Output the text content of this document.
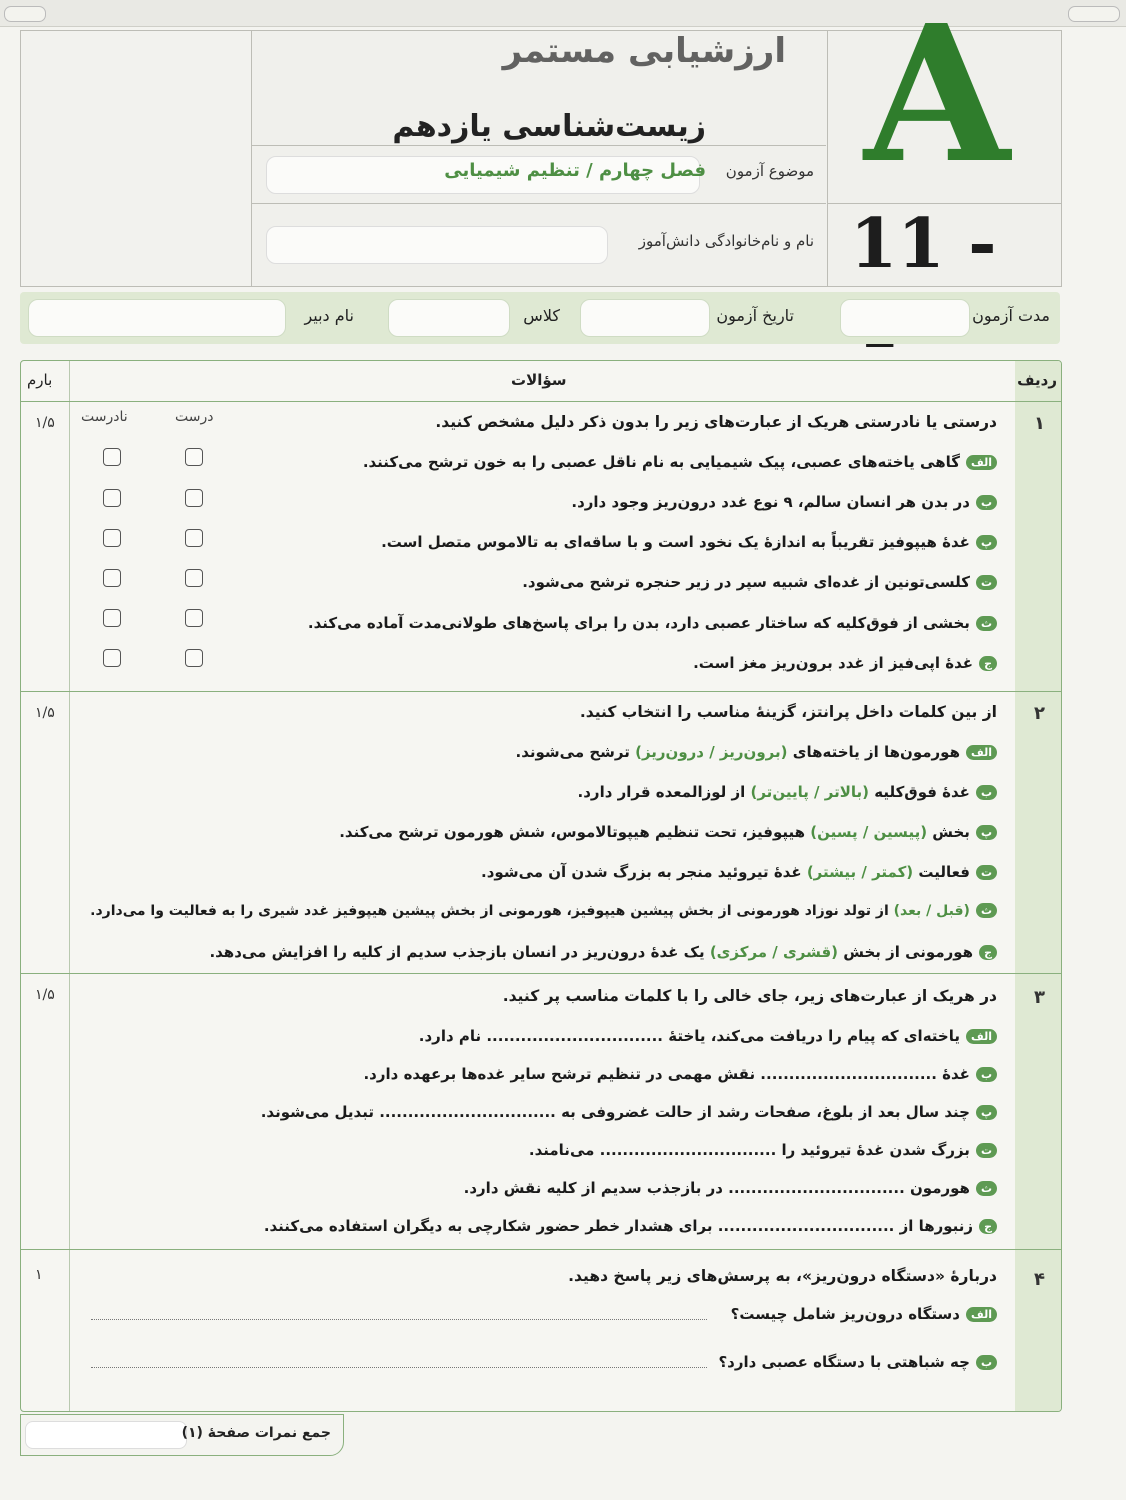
ارزشیابی مستمر
زیست‌شناسی یازدهم
موضوع آزمون
فصل چهارم / تنظیم شیمیایی
نام و نام‌خانوادگی دانش‌آموز
A
11 -
مدت آزمون
تاریخ آزمون
کلاس
نام دبیر
ردیف
سؤالات
بارم
۱
۱/۵	درستی یا نادرستی هریک از عبارت‌های زیر را بدون ذکر دلیل مشخص کنید.
درست
نادرست
الفگاهی یاخته‌های عصبی، پیک شیمیایی به نام ناقل عصبی را به خون ترشح می‌کنند.
بدر بدن هر انسان سالم، ۹ نوع غدد درون‌ریز وجود دارد.
پغدهٔ هیپوفیز تقریباً به اندازهٔ یک نخود است و با ساقه‌ای به تالاموس متصل است.
تکلسی‌تونین از غده‌ای شبیه سپر در زیر حنجره ترشح می‌شود.
ثبخشی از فوق‌کلیه که ساختار عصبی دارد، بدن را برای پاسخ‌های طولانی‌مدت آماده می‌کند.
جغدهٔ اپی‌فیز از غدد برون‌ریز مغز است.
۲
۱/۵	از بین کلمات داخل پرانتز، گزینهٔ مناسب را انتخاب کنید.
الفهورمون‌ها از یاخته‌های (برون‌ریز / درون‌ریز) ترشح می‌شوند.
بغدهٔ فوق‌کلیه (بالاتر / پایین‌تر) از لوزالمعده قرار دارد.
پبخش (پیسین / پسین) هیپوفیز، تحت تنظیم هیپوتالاموس، شش هورمون ترشح می‌کند.
تفعالیت (کمتر / بیشتر) غدهٔ تیروئید منجر به بزرگ شدن آن می‌شود.
ث(قبل / بعد) از تولد نوزاد هورمونی از بخش پیشین هیپوفیز، هورمونی از بخش پیشین هیپوفیز غدد شیری را به فعالیت وا می‌دارد.
جهورمونی از بخش (قشری / مرکزی) یک غدهٔ درون‌ریز در انسان بازجذب سدیم از کلیه را افزایش می‌دهد.
۳
۱/۵	در هریک از عبارت‌های زیر، جای خالی را با کلمات مناسب پر کنید.
الفیاخته‌ای که پیام را دریافت می‌کند، یاختهٔ ............................... نام دارد.
بغدهٔ ............................... نقش مهمی در تنظیم ترشح سایر غده‌ها برعهده دارد.
پچند سال بعد از بلوغ، صفحات رشد از حالت غضروفی به ............................... تبدیل می‌شوند.
تبزرگ شدن غدهٔ تیروئید را ............................... می‌نامند.
ثهورمون ............................... در بازجذب سدیم از کلیه نقش دارد.
جزنبورها از ............................... برای هشدار خطر حضور شکارچی به دیگران استفاده می‌کنند.
۴
۱	دربارهٔ «دستگاه درون‌ریز»، به پرسش‌های زیر پاسخ دهید.
الفدستگاه درون‌ریز شامل چیست؟
بچه شباهتی با دستگاه عصبی دارد؟
جمع نمرات صفحهٔ (۱)
